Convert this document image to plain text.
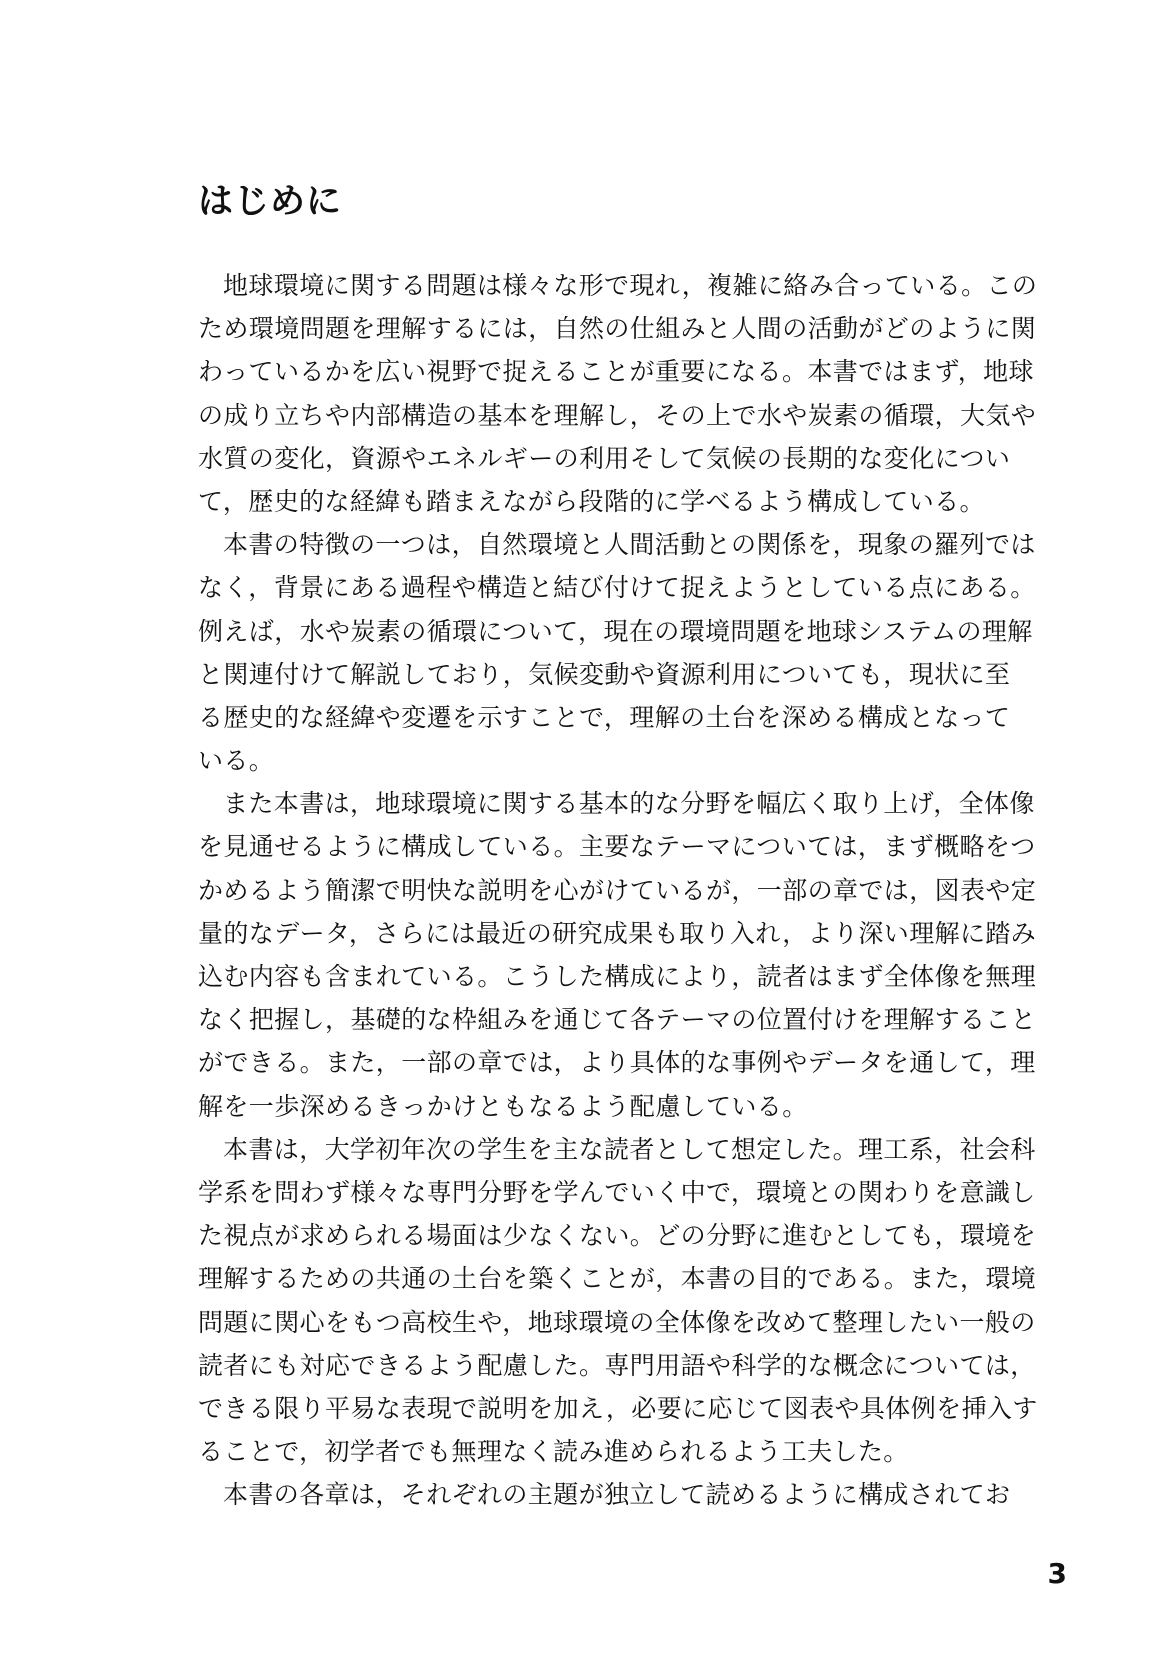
はじめに
地球環境に関する問題は様々な形で現れ，複雑に絡み合っている。この
ため環境問題を理解するには，自然の仕組みと人間の活動がどのように関
わっているかを広い視野で捉えることが重要になる。本書ではまず，地球
の成り立ちや内部構造の基本を理解し，その上で水や炭素の循環，大気や
水質の変化，資源やエネルギーの利用そして気候の長期的な変化につい
て，歴史的な経緯も踏まえながら段階的に学べるよう構成している。
本書の特徴の一つは，自然環境と人間活動との関係を，現象の羅列では
なく，背景にある過程や構造と結び付けて捉えようとしている点にある。
例えば，水や炭素の循環について，現在の環境問題を地球システムの理解
と関連付けて解説しており，気候変動や資源利用についても，現状に至
る歴史的な経緯や変遷を示すことで，理解の土台を深める構成となって
いる。
また本書は，地球環境に関する基本的な分野を幅広く取り上げ，全体像
を見通せるように構成している。主要なテーマについては，まず概略をつ
かめるよう簡潔で明快な説明を心がけているが，一部の章では，図表や定
量的なデータ，さらには最近の研究成果も取り入れ，より深い理解に踏み
込む内容も含まれている。こうした構成により，読者はまず全体像を無理
なく把握し，基礎的な枠組みを通じて各テーマの位置付けを理解すること
ができる。また，一部の章では，より具体的な事例やデータを通して，理
解を一歩深めるきっかけともなるよう配慮している。
本書は，大学初年次の学生を主な読者として想定した。理工系，社会科
学系を問わず様々な専門分野を学んでいく中で，環境との関わりを意識し
た視点が求められる場面は少なくない。どの分野に進むとしても，環境を
理解するための共通の土台を築くことが，本書の目的である。また，環境
問題に関心をもつ高校生や，地球環境の全体像を改めて整理したい一般の
読者にも対応できるよう配慮した。専門用語や科学的な概念については，
できる限り平易な表現で説明を加え，必要に応じて図表や具体例を挿入す
ることで，初学者でも無理なく読み進められるよう工夫した。
本書の各章は，それぞれの主題が独立して読めるように構成されてお
3
